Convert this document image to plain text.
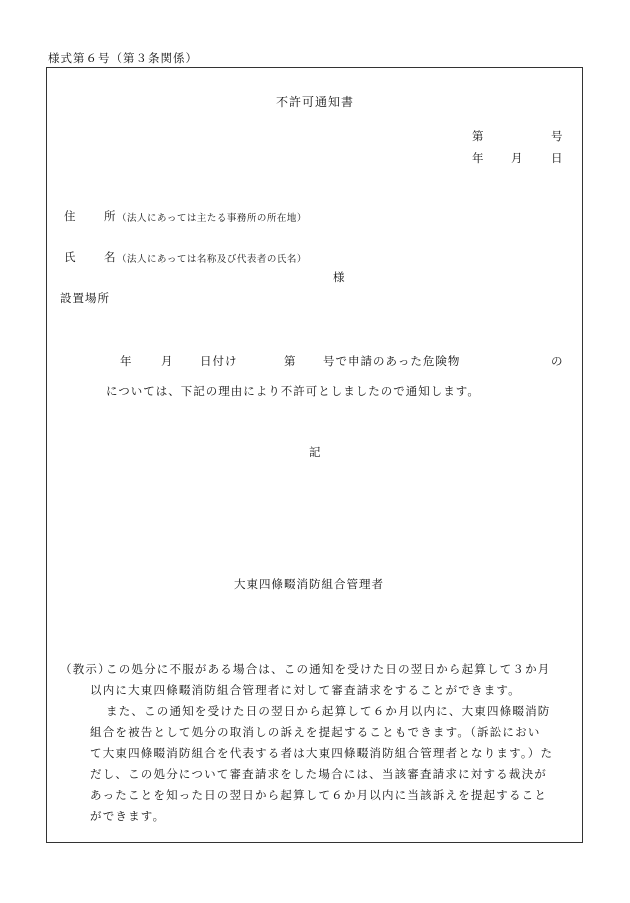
様式第６号（第３条関係）
不許可通知書
第	号
年 月 日
住 所 （法人にあっては主たる事務所の所在地）
氏 名 （法人にあっては名称及び代表者の氏名）
様
設置場所
年 月 日付け	第 号で申請のあった危険物	の
については、下記の理由により不許可としましたので通知します。
記
大東四條畷消防組合管理者
（教示）
この処分に不服がある場合は、この通知を受けた日の翌日から起算して３か月
以内に大東四條畷消防組合管理者に対して審査請求をすることができます。
また、この通知を受けた日の翌日から起算して６か月以内に、大東四條畷消防
組合を被告として処分の取消しの訴えを提起することもできます。（訴訟におい
て大東四條畷消防組合を代表する者は大東四條畷消防組合管理者となります。）た
だし、この処分について審査請求をした場合には、当該審査請求に対する裁決が
あったことを知った日の翌日から起算して６か月以内に当該訴えを提起すること
ができます。
